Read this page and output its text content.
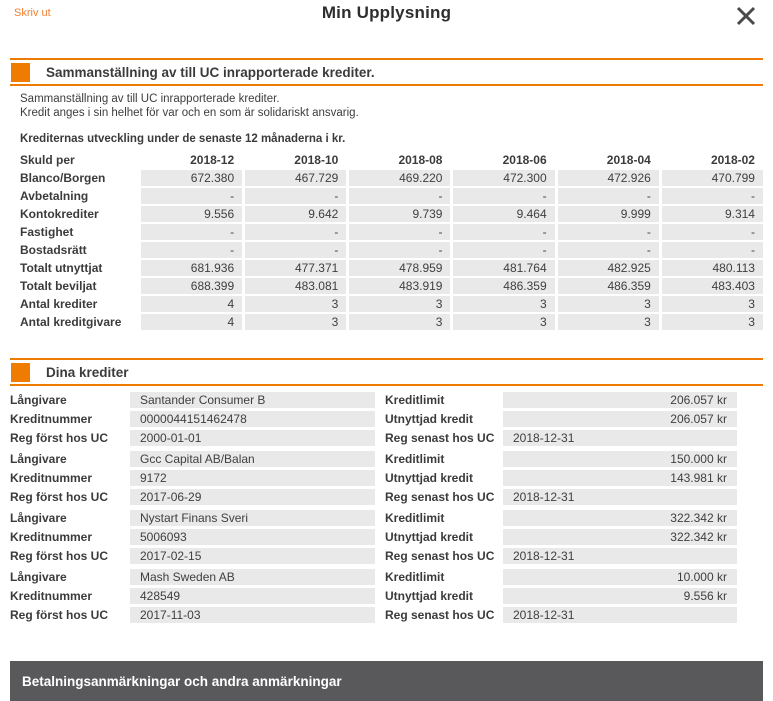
Skriv ut	Min Upplysning
Sammanställning av till UC inrapporterade krediter.

Sammanställning av till UC inrapporterade krediter.
Kredit anges i sin helhet för var och en som är solidariskt ansvarig.

Krediternas utveckling under de senaste 12 månaderna i kr.

Skuld per	2018-12	2018-10	2018-08	2018-06	2018-04	2018-02
Blanco/Borgen	672.380	467.729	469.220	472.300	472.926	470.799
Avbetalning	-	-	-	-	-	-
Kontokrediter	9.556	9.642	9.739	9.464	9.999	9.314
Fastighet	-	-	-	-	-	-
Bostadsrätt	-	-	-	-	-	-
Totalt utnyttjat	681.936	477.371	478.959	481.764	482.925	480.113
Totalt beviljat	688.399	483.081	483.919	486.359	486.359	483.403
Antal krediter	4	3	3	3	3	3
Antal kreditgivare	4	3	3	3	3	3
Dina krediter
Långivare	Santander Consumer B	Kreditlimit	206.057 kr
Kreditnummer	0000044151462478	Utnyttjad kredit	206.057 kr
Reg först hos UC	2000-01-01	Reg senast hos UC	2018-12-31
Långivare	Gcc Capital AB/Balan	Kreditlimit	150.000 kr
Kreditnummer	9172	Utnyttjad kredit	143.981 kr
Reg först hos UC	2017-06-29	Reg senast hos UC	2018-12-31
Långivare	Nystart Finans Sveri	Kreditlimit	322.342 kr
Kreditnummer	5006093	Utnyttjad kredit	322.342 kr
Reg först hos UC	2017-02-15	Reg senast hos UC	2018-12-31
Långivare	Mash Sweden AB	Kreditlimit	10.000 kr
Kreditnummer	428549	Utnyttjad kredit	9.556 kr
Reg först hos UC	2017-11-03	Reg senast hos UC	2018-12-31
Betalningsanmärkningar och andra anmärkningar
